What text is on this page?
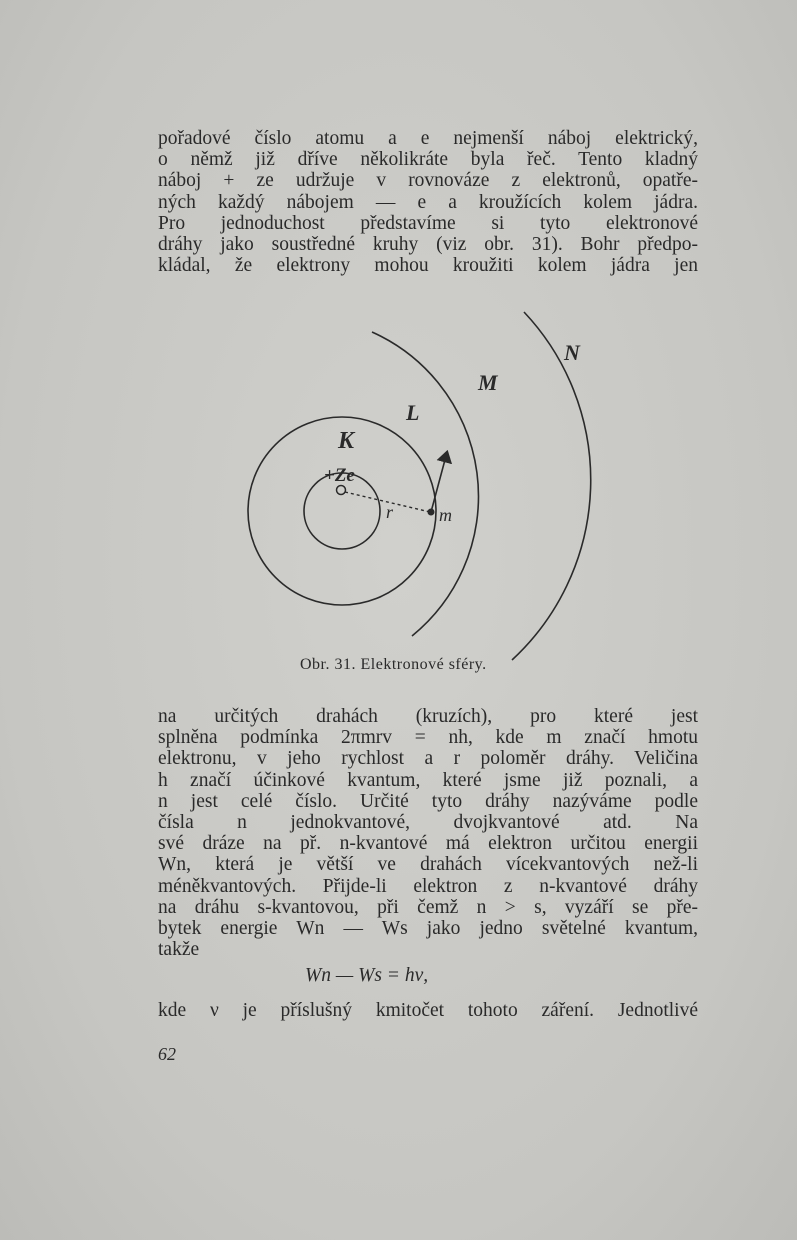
pořadové číslo atomu a e nejmenší náboj elektrický,
o němž již dříve několikráte byla řeč. Tento kladný
náboj + ze udržuje v rovnováze z elektronů, opatře-
ných každý nábojem — e a kroužících kolem jádra.
Pro jednoduchost představíme si tyto elektronové
dráhy jako soustředné kruhy (viz obr. 31). Bohr předpo-
kládal, že elektrony mohou kroužiti kolem jádra jen
K
L
M
N
+Ze
r	m
Obr. 31. Elektronové sféry.
na určitých drahách (kruzích), pro které jest
splněna podmínka 2πmrv = nh, kde m značí hmotu
elektronu, v jeho rychlost a r poloměr dráhy. Veličina
h značí účinkové kvantum, které jsme již poznali, a
n jest celé číslo. Určité tyto dráhy nazýváme podle
čísla n jednokvantové, dvojkvantové atd. Na
své dráze na př. n-kvantové má elektron určitou energii
Wn, která je větší ve drahách vícekvantových než-li
méněkvantových. Přijde-li elektron z n-kvantové dráhy
na dráhu s-kvantovou, při čemž n > s, vyzáří se pře-
bytek energie Wn — Ws jako jedno světelné kvantum,
takže
Wn — Ws = hν,
kde ν je příslušný kmitočet tohoto záření. Jednotlivé
62
